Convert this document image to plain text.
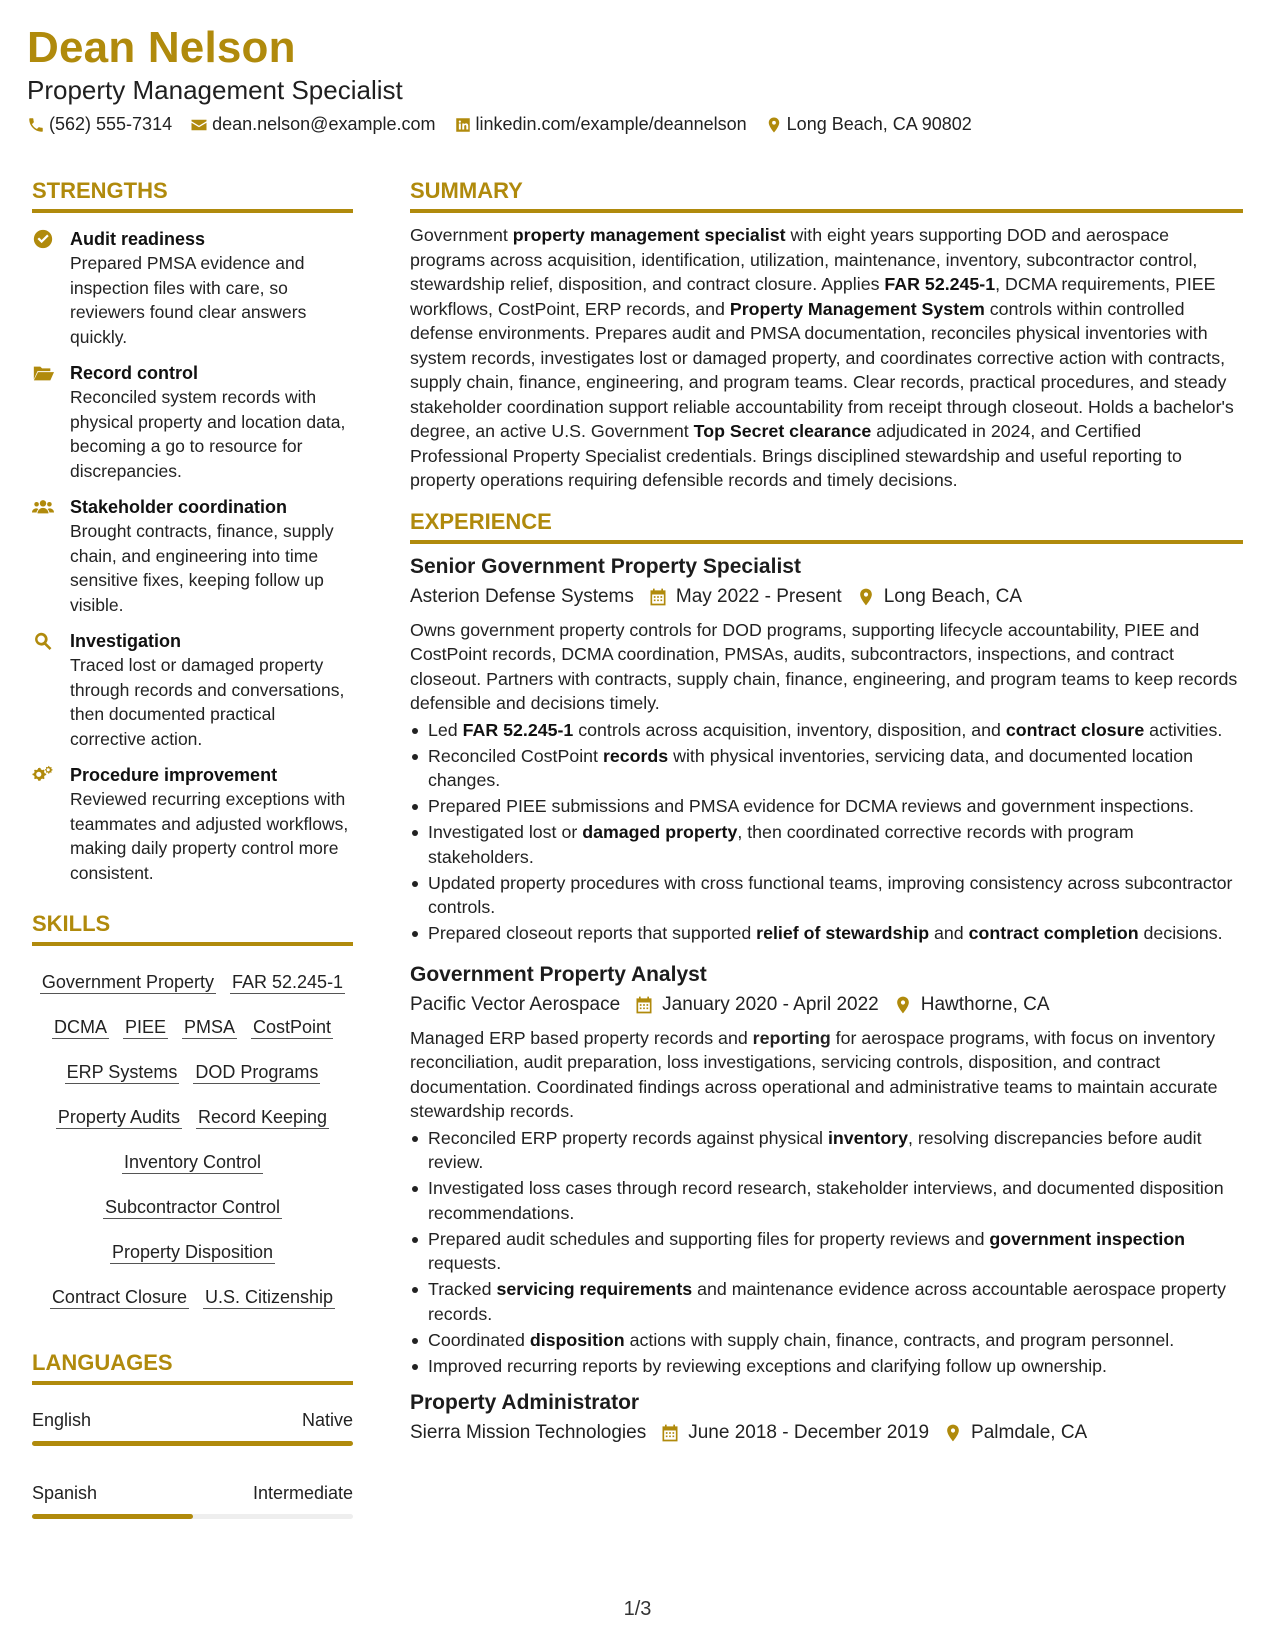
Dean Nelson
Property Management Specialist
(562) 555-7314 dean.nelson@example.com linkedin.com/example/deannelson Long Beach, CA 90802
STRENGTHS
Audit readiness
Prepared PMSA evidence and inspection files with care, so reviewers found clear answers quickly.
Record control
Reconciled system records with physical property and location data, becoming a go to resource for discrepancies.
Stakeholder coordination
Brought contracts, finance, supply chain, and engineering into time sensitive fixes, keeping follow up visible.
Investigation
Traced lost or damaged property through records and conversations, then documented practical corrective action.
Procedure improvement
Reviewed recurring exceptions with teammates and adjusted workflows, making daily property control more consistent.
SKILLS
Government Property FAR 52.245-1
DCMA PIEE PMSA CostPoint
ERP Systems DOD Programs
Property Audits Record Keeping
Inventory Control
Subcontractor Control
Property Disposition
Contract Closure U.S. Citizenship
LANGUAGES
English	Native
Spanish	Intermediate
SUMMARY
Government property management specialist with eight years supporting DOD and aerospace programs across acquisition, identification, utilization, maintenance, inventory, subcontractor control, stewardship relief, disposition, and contract closure. Applies FAR 52.245-1, DCMA requirements, PIEE workflows, CostPoint, ERP records, and Property Management System controls within controlled defense environments. Prepares audit and PMSA documentation, reconciles physical inventories with system records, investigates lost or damaged property, and coordinates corrective action with contracts, supply chain, finance, engineering, and program teams. Clear records, practical procedures, and steady stakeholder coordination support reliable accountability from receipt through closeout. Holds a bachelor's degree, an active U.S. Government Top Secret clearance adjudicated in 2024, and Certified Professional Property Specialist credentials. Brings disciplined stewardship and useful reporting to property operations requiring defensible records and timely decisions.
EXPERIENCE
Senior Government Property Specialist
Asterion Defense Systems May 2022 - Present Long Beach, CA
Owns government property controls for DOD programs, supporting lifecycle accountability, PIEE and CostPoint records, DCMA coordination, PMSAs, audits, subcontractors, inspections, and contract closeout. Partners with contracts, supply chain, finance, engineering, and program teams to keep records defensible and decisions timely.
Led FAR 52.245-1 controls across acquisition, inventory, disposition, and contract closure activities.
Reconciled CostPoint records with physical inventories, servicing data, and documented location changes.
Prepared PIEE submissions and PMSA evidence for DCMA reviews and government inspections.
Investigated lost or damaged property, then coordinated corrective records with program stakeholders.
Updated property procedures with cross functional teams, improving consistency across subcontractor controls.
Prepared closeout reports that supported relief of stewardship and contract completion decisions.
Government Property Analyst
Pacific Vector Aerospace January 2020 - April 2022 Hawthorne, CA
Managed ERP based property records and reporting for aerospace programs, with focus on inventory reconciliation, audit preparation, loss investigations, servicing controls, disposition, and contract documentation. Coordinated findings across operational and administrative teams to maintain accurate stewardship records.
Reconciled ERP property records against physical inventory, resolving discrepancies before audit review.
Investigated loss cases through record research, stakeholder interviews, and documented disposition recommendations.
Prepared audit schedules and supporting files for property reviews and government inspection requests.
Tracked servicing requirements and maintenance evidence across accountable aerospace property records.
Coordinated disposition actions with supply chain, finance, contracts, and program personnel.
Improved recurring reports by reviewing exceptions and clarifying follow up ownership.
Property Administrator
Sierra Mission Technologies June 2018 - December 2019 Palmdale, CA
1/3
